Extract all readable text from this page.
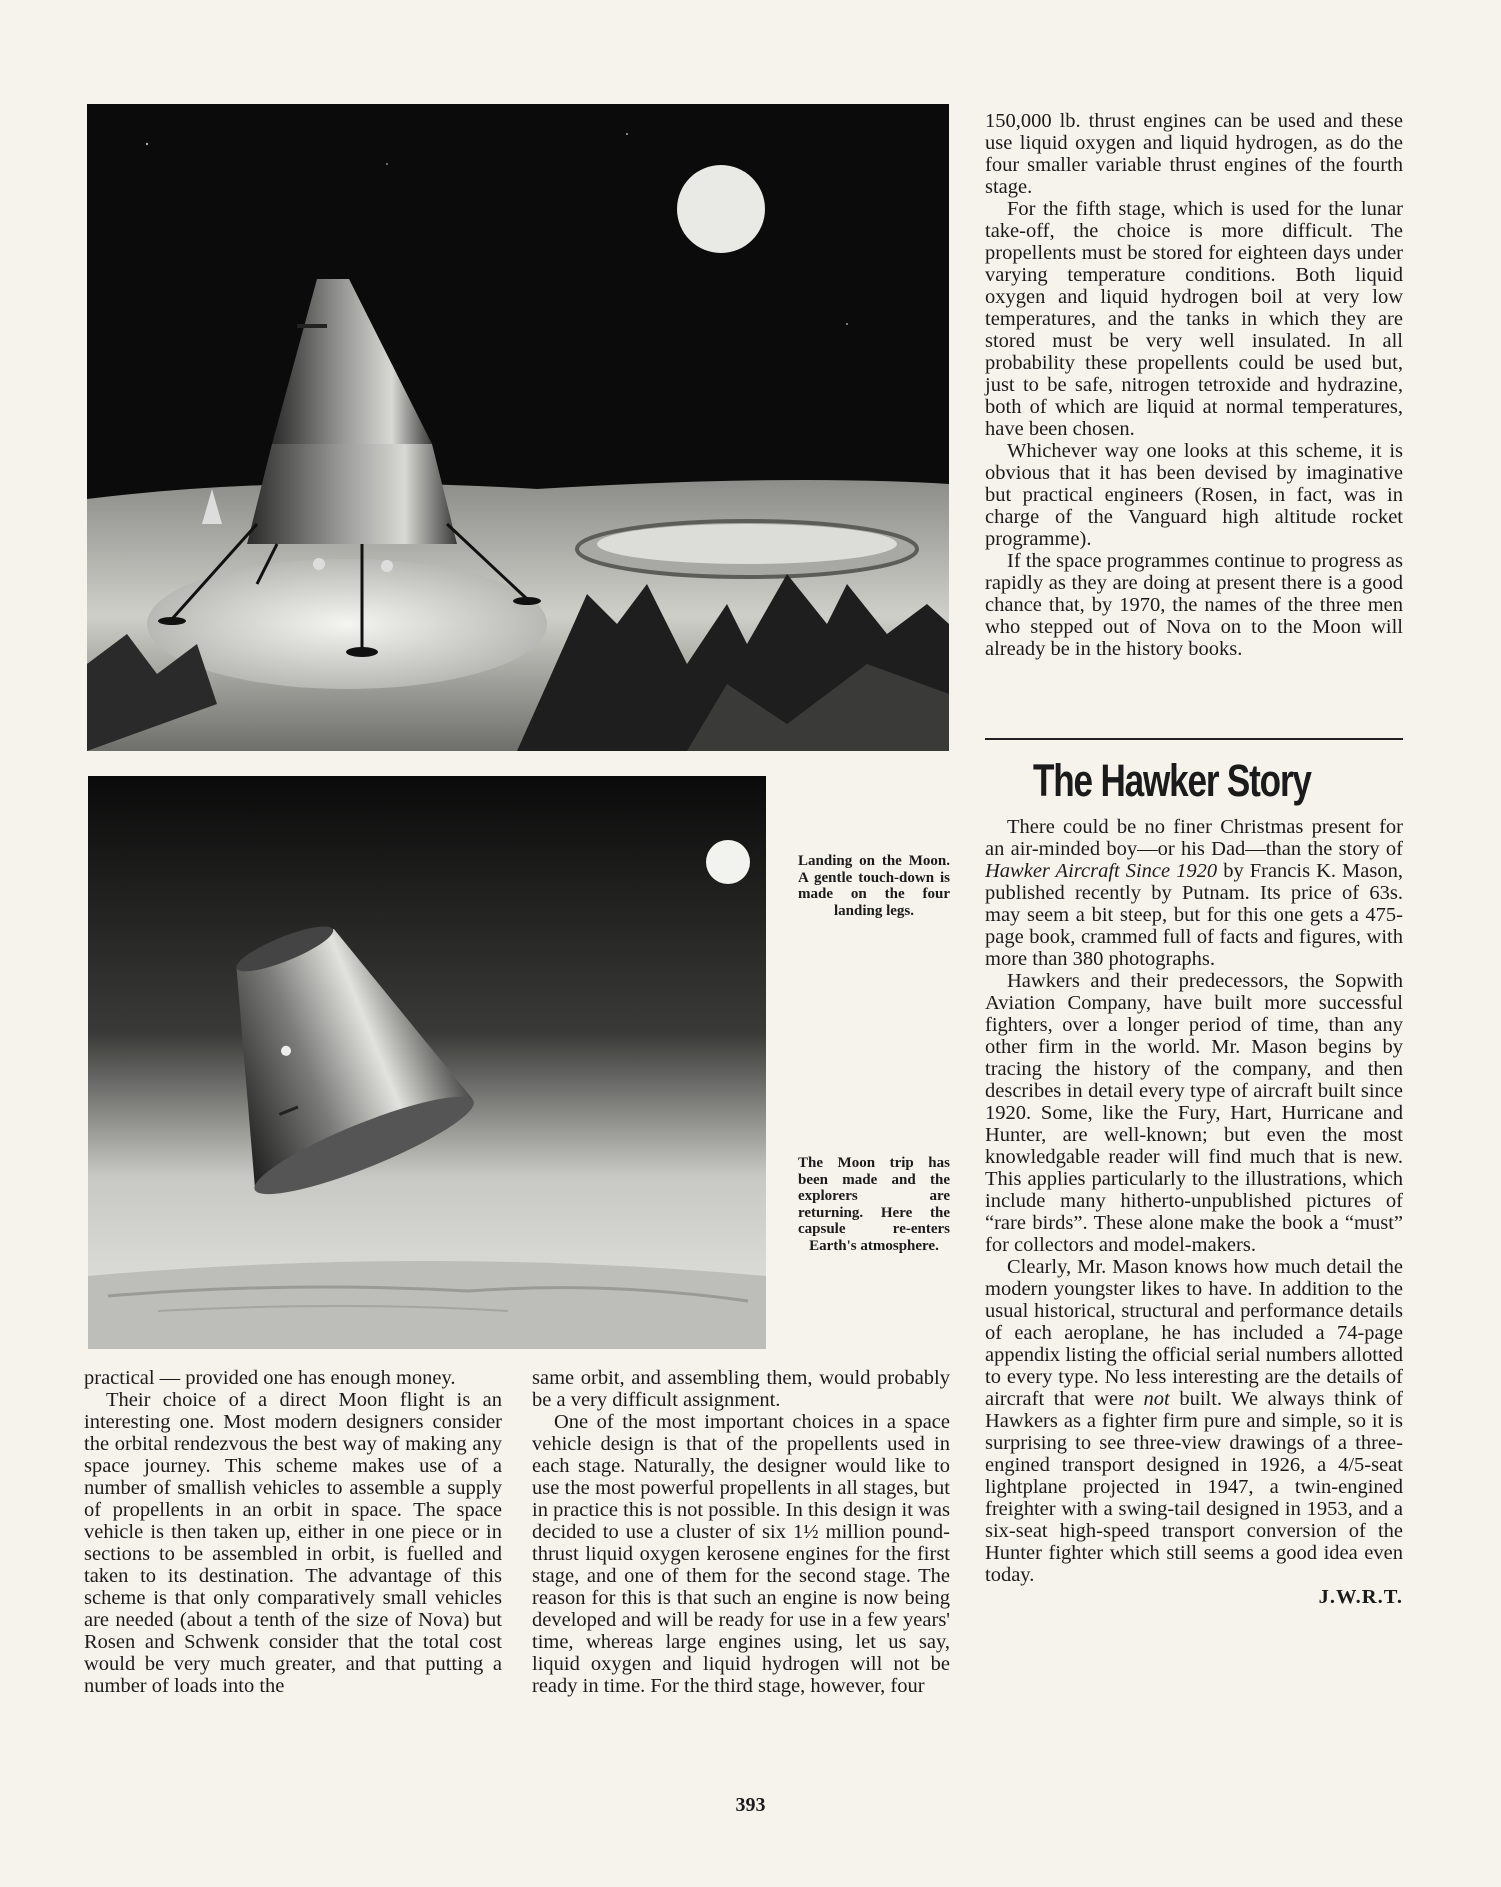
Landing on the Moon. A gentle touch-down is made on the four landing legs.
The Moon trip has been made and the explorers are returning. Here the capsule re-enters Earth's atmosphere.

150,000 lb. thrust engines can be used and these use liquid oxygen and liquid hydrogen, as do the four smaller variable thrust engines of the fourth stage.

For the fifth stage, which is used for the lunar take-off, the choice is more difficult. The propellents must be stored for eighteen days under varying temperature conditions. Both liquid oxygen and liquid hydrogen boil at very low temperatures, and the tanks in which they are stored must be very well insulated. In all probability these propellents could be used but, just to be safe, nitrogen tetroxide and hydrazine, both of which are liquid at normal temperatures, have been chosen.

Whichever way one looks at this scheme, it is obvious that it has been devised by imaginative but practical engineers (Rosen, in fact, was in charge of the Vanguard high altitude rocket programme).

If the space programmes continue to progress as rapidly as they are doing at present there is a good chance that, by 1970, the names of the three men who stepped out of Nova on to the Moon will already be in the history books.

The Hawker Story

There could be no finer Christmas present for an air-minded boy—or his Dad—than the story of Hawker Aircraft Since 1920 by Francis K. Mason, published recently by Putnam. Its price of 63s. may seem a bit steep, but for this one gets a 475-page book, crammed full of facts and figures, with more than 380 photographs.

Hawkers and their predecessors, the Sopwith Aviation Company, have built more successful fighters, over a longer period of time, than any other firm in the world. Mr. Mason begins by tracing the history of the company, and then describes in detail every type of aircraft built since 1920. Some, like the Fury, Hart, Hurricane and Hunter, are well-known; but even the most knowledgable reader will find much that is new. This applies particularly to the illustrations, which include many hitherto-unpublished pictures of “rare birds”. These alone make the book a “must” for collectors and model-makers.

Clearly, Mr. Mason knows how much detail the modern youngster likes to have. In addition to the usual historical, structural and performance details of each aeroplane, he has included a 74-page appendix listing the official serial numbers allotted to every type. No less interesting are the details of aircraft that were not built. We always think of Hawkers as a fighter firm pure and simple, so it is surprising to see three-view drawings of a three-engined transport designed in 1926, a 4/5-seat lightplane projected in 1947, a twin-engined freighter with a swing-tail designed in 1953, and a six-seat high-speed transport conversion of the Hunter fighter which still seems a good idea even today.

J.W.R.T.

practical — provided one has enough money.

Their choice of a direct Moon flight is an interesting one. Most modern designers consider the orbital rendezvous the best way of making any space journey. This scheme makes use of a number of smallish vehicles to assemble a supply of propellents in an orbit in space. The space vehicle is then taken up, either in one piece or in sections to be assembled in orbit, is fuelled and taken to its destination. The advantage of this scheme is that only comparatively small vehicles are needed (about a tenth of the size of Nova) but Rosen and Schwenk consider that the total cost would be very much greater, and that putting a number of loads into the

same orbit, and assembling them, would probably be a very difficult assignment.

One of the most important choices in a space vehicle design is that of the propellents used in each stage. Naturally, the designer would like to use the most powerful propellents in all stages, but in practice this is not possible. In this design it was decided to use a cluster of six 1½ million pound-thrust liquid oxygen kerosene engines for the first stage, and one of them for the second stage. The reason for this is that such an engine is now being developed and will be ready for use in a few years' time, whereas large engines using, let us say, liquid oxygen and liquid hydrogen will not be ready in time. For the third stage, however, four

393
